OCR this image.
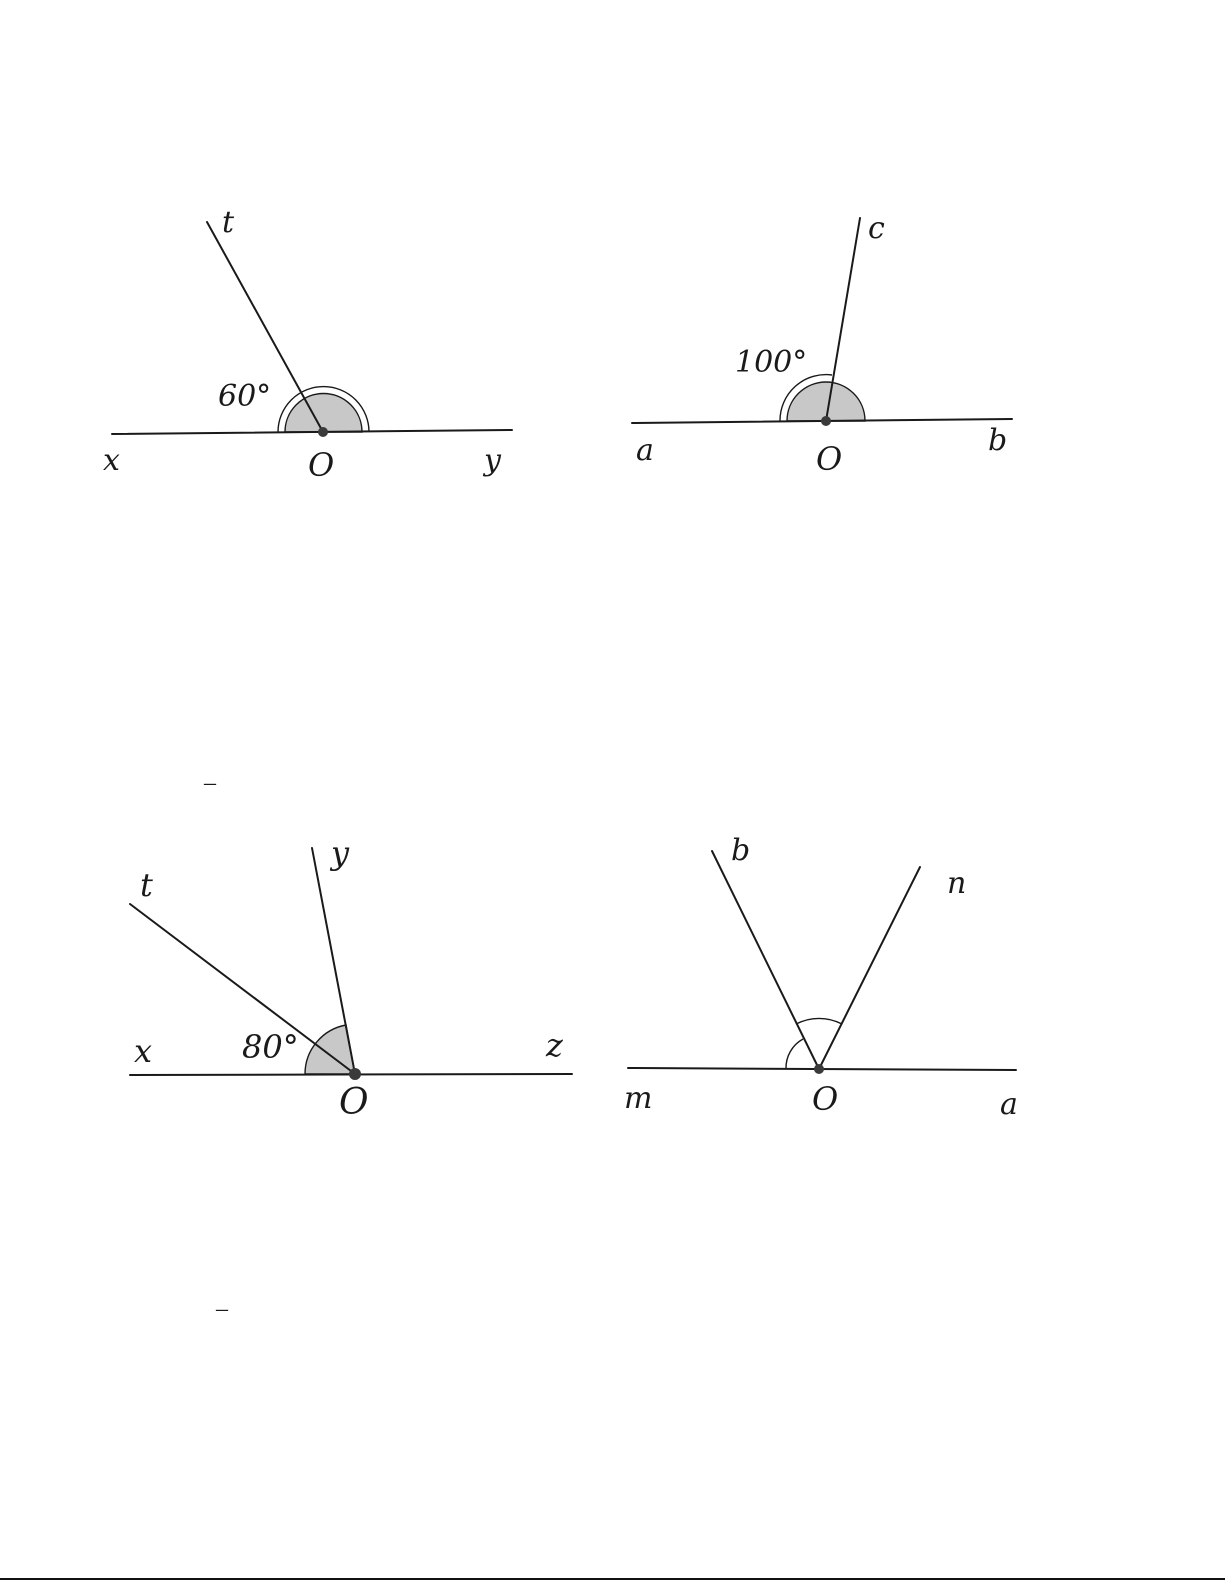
t
60°
x	O	y
c
100°
a	O	b
–
y
t
80°
x
O
z
b
n
m	O	a
–
